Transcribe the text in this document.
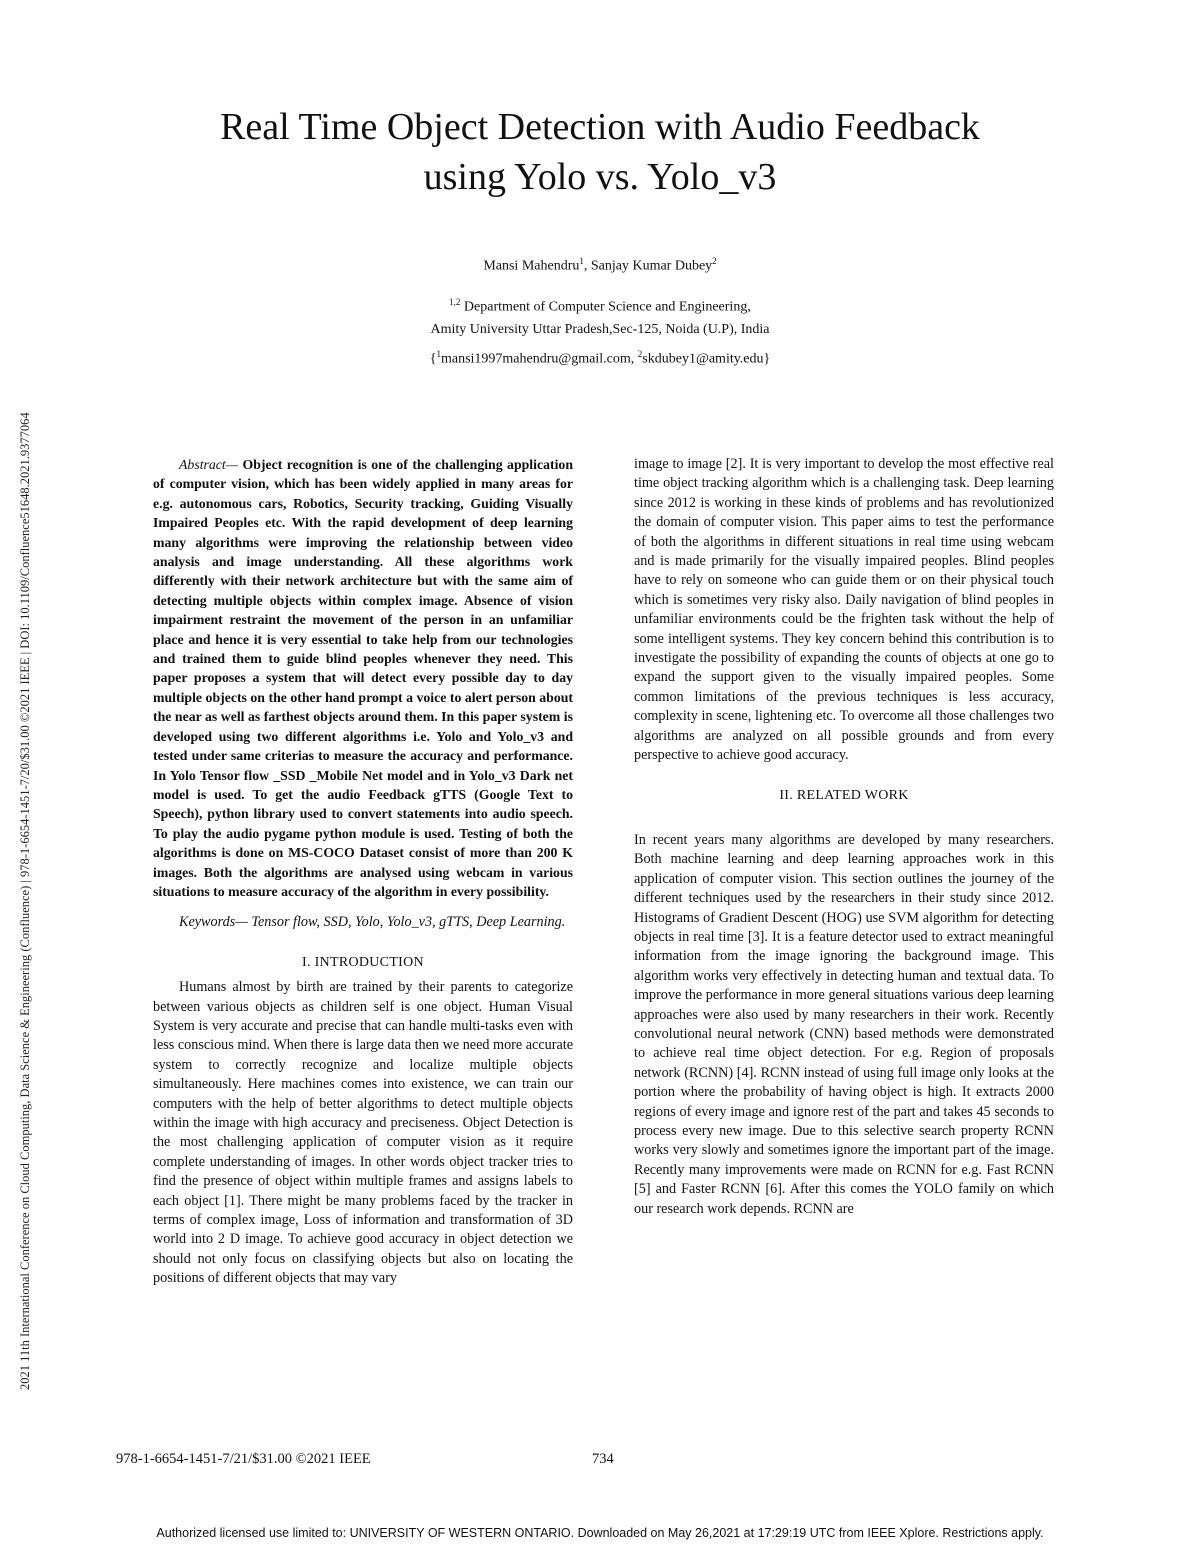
2021 11th International Conference on Cloud Computing, Data Science & Engineering (Confluence) | 978-1-6654-1451-7/20/$31.00 ©2021 IEEE | DOI: 10.1109/Confluence51648.2021.9377064
Real Time Object Detection with Audio Feedback
using Yolo vs. Yolo_v3
Mansi Mahendru$^1$, Sanjay Kumar Dubey$^2$
$^{1,2}$ Department of Computer Science and Engineering,
Amity University Uttar Pradesh,Sec-125, Noida (U.P), India
{$^1$mansi1997mahendru@gmail.com, $^2$skdubey1@amity.edu}

Abstract— Object recognition is one of the challenging application of computer vision, which has been widely applied in many areas for e.g. autonomous cars, Robotics, Security tracking, Guiding Visually Impaired Peoples etc. With the rapid development of deep learning many algorithms were improving the relationship between video analysis and image understanding. All these algorithms work differently with their network architecture but with the same aim of detecting multiple objects within complex image. Absence of vision impairment restraint the movement of the person in an unfamiliar place and hence it is very essential to take help from our technologies and trained them to guide blind peoples whenever they need. This paper proposes a system that will detect every possible day to day multiple objects on the other hand prompt a voice to alert person about the near as well as farthest objects around them. In this paper system is developed using two different algorithms i.e. Yolo and Yolo_v3 and tested under same criterias to measure the accuracy and performance. In Yolo Tensor flow _SSD _Mobile Net model and in Yolo_v3 Dark net model is used. To get the audio Feedback gTTS (Google Text to Speech), python library used to convert statements into audio speech. To play the audio pygame python module is used. Testing of both the algorithms is done on MS-COCO Dataset consist of more than 200 K images. Both the algorithms are analysed using webcam in various situations to measure accuracy of the algorithm in every possibility.

Keywords— Tensor flow, SSD, Yolo, Yolo_v3, gTTS, Deep Learning.

I. INTRODUCTION

Humans almost by birth are trained by their parents to categorize between various objects as children self is one object. Human Visual System is very accurate and precise that can handle multi-tasks even with less conscious mind. When there is large data then we need more accurate system to correctly recognize and localize multiple objects simultaneously. Here machines comes into existence, we can train our computers with the help of better algorithms to detect multiple objects within the image with high accuracy and preciseness. Object Detection is the most challenging application of computer vision as it require complete understanding of images. In other words object tracker tries to find the presence of object within multiple frames and assigns labels to each object [1]. There might be many problems faced by the tracker in terms of complex image, Loss of information and transformation of 3D world into 2 D image. To achieve good accuracy in object detection we should not only focus on classifying objects but also on locating the positions of different objects that may vary

image to image [2]. It is very important to develop the most effective real time object tracking algorithm which is a challenging task. Deep learning since 2012 is working in these kinds of problems and has revolutionized the domain of computer vision. This paper aims to test the performance of both the algorithms in different situations in real time using webcam and is made primarily for the visually impaired peoples. Blind peoples have to rely on someone who can guide them or on their physical touch which is sometimes very risky also. Daily navigation of blind peoples in unfamiliar environments could be the frighten task without the help of some intelligent systems. They key concern behind this contribution is to investigate the possibility of expanding the counts of objects at one go to expand the support given to the visually impaired peoples. Some common limitations of the previous techniques is less accuracy, complexity in scene, lightening etc. To overcome all those challenges two algorithms are analyzed on all possible grounds and from every perspective to achieve good accuracy.

II. RELATED WORK

In recent years many algorithms are developed by many researchers. Both machine learning and deep learning approaches work in this application of computer vision. This section outlines the journey of the different techniques used by the researchers in their study since 2012. Histograms of Gradient Descent (HOG) use SVM algorithm for detecting objects in real time [3]. It is a feature detector used to extract meaningful information from the image ignoring the background image. This algorithm works very effectively in detecting human and textual data. To improve the performance in more general situations various deep learning approaches were also used by many researchers in their work. Recently convolutional neural network (CNN) based methods were demonstrated to achieve real time object detection. For e.g. Region of proposals network (RCNN) [4]. RCNN instead of using full image only looks at the portion where the probability of having object is high. It extracts 2000 regions of every image and ignore rest of the part and takes 45 seconds to process every new image. Due to this selective search property RCNN works very slowly and sometimes ignore the important part of the image. Recently many improvements were made on RCNN for e.g. Fast RCNN [5] and Faster RCNN [6]. After this comes the YOLO family on which our research work depends. RCNN are

978-1-6654-1451-7/21/$31.00 ©2021 IEEE	734
Authorized licensed use limited to: UNIVERSITY OF WESTERN ONTARIO. Downloaded on May 26,2021 at 17:29:19 UTC from IEEE Xplore. Restrictions apply.
